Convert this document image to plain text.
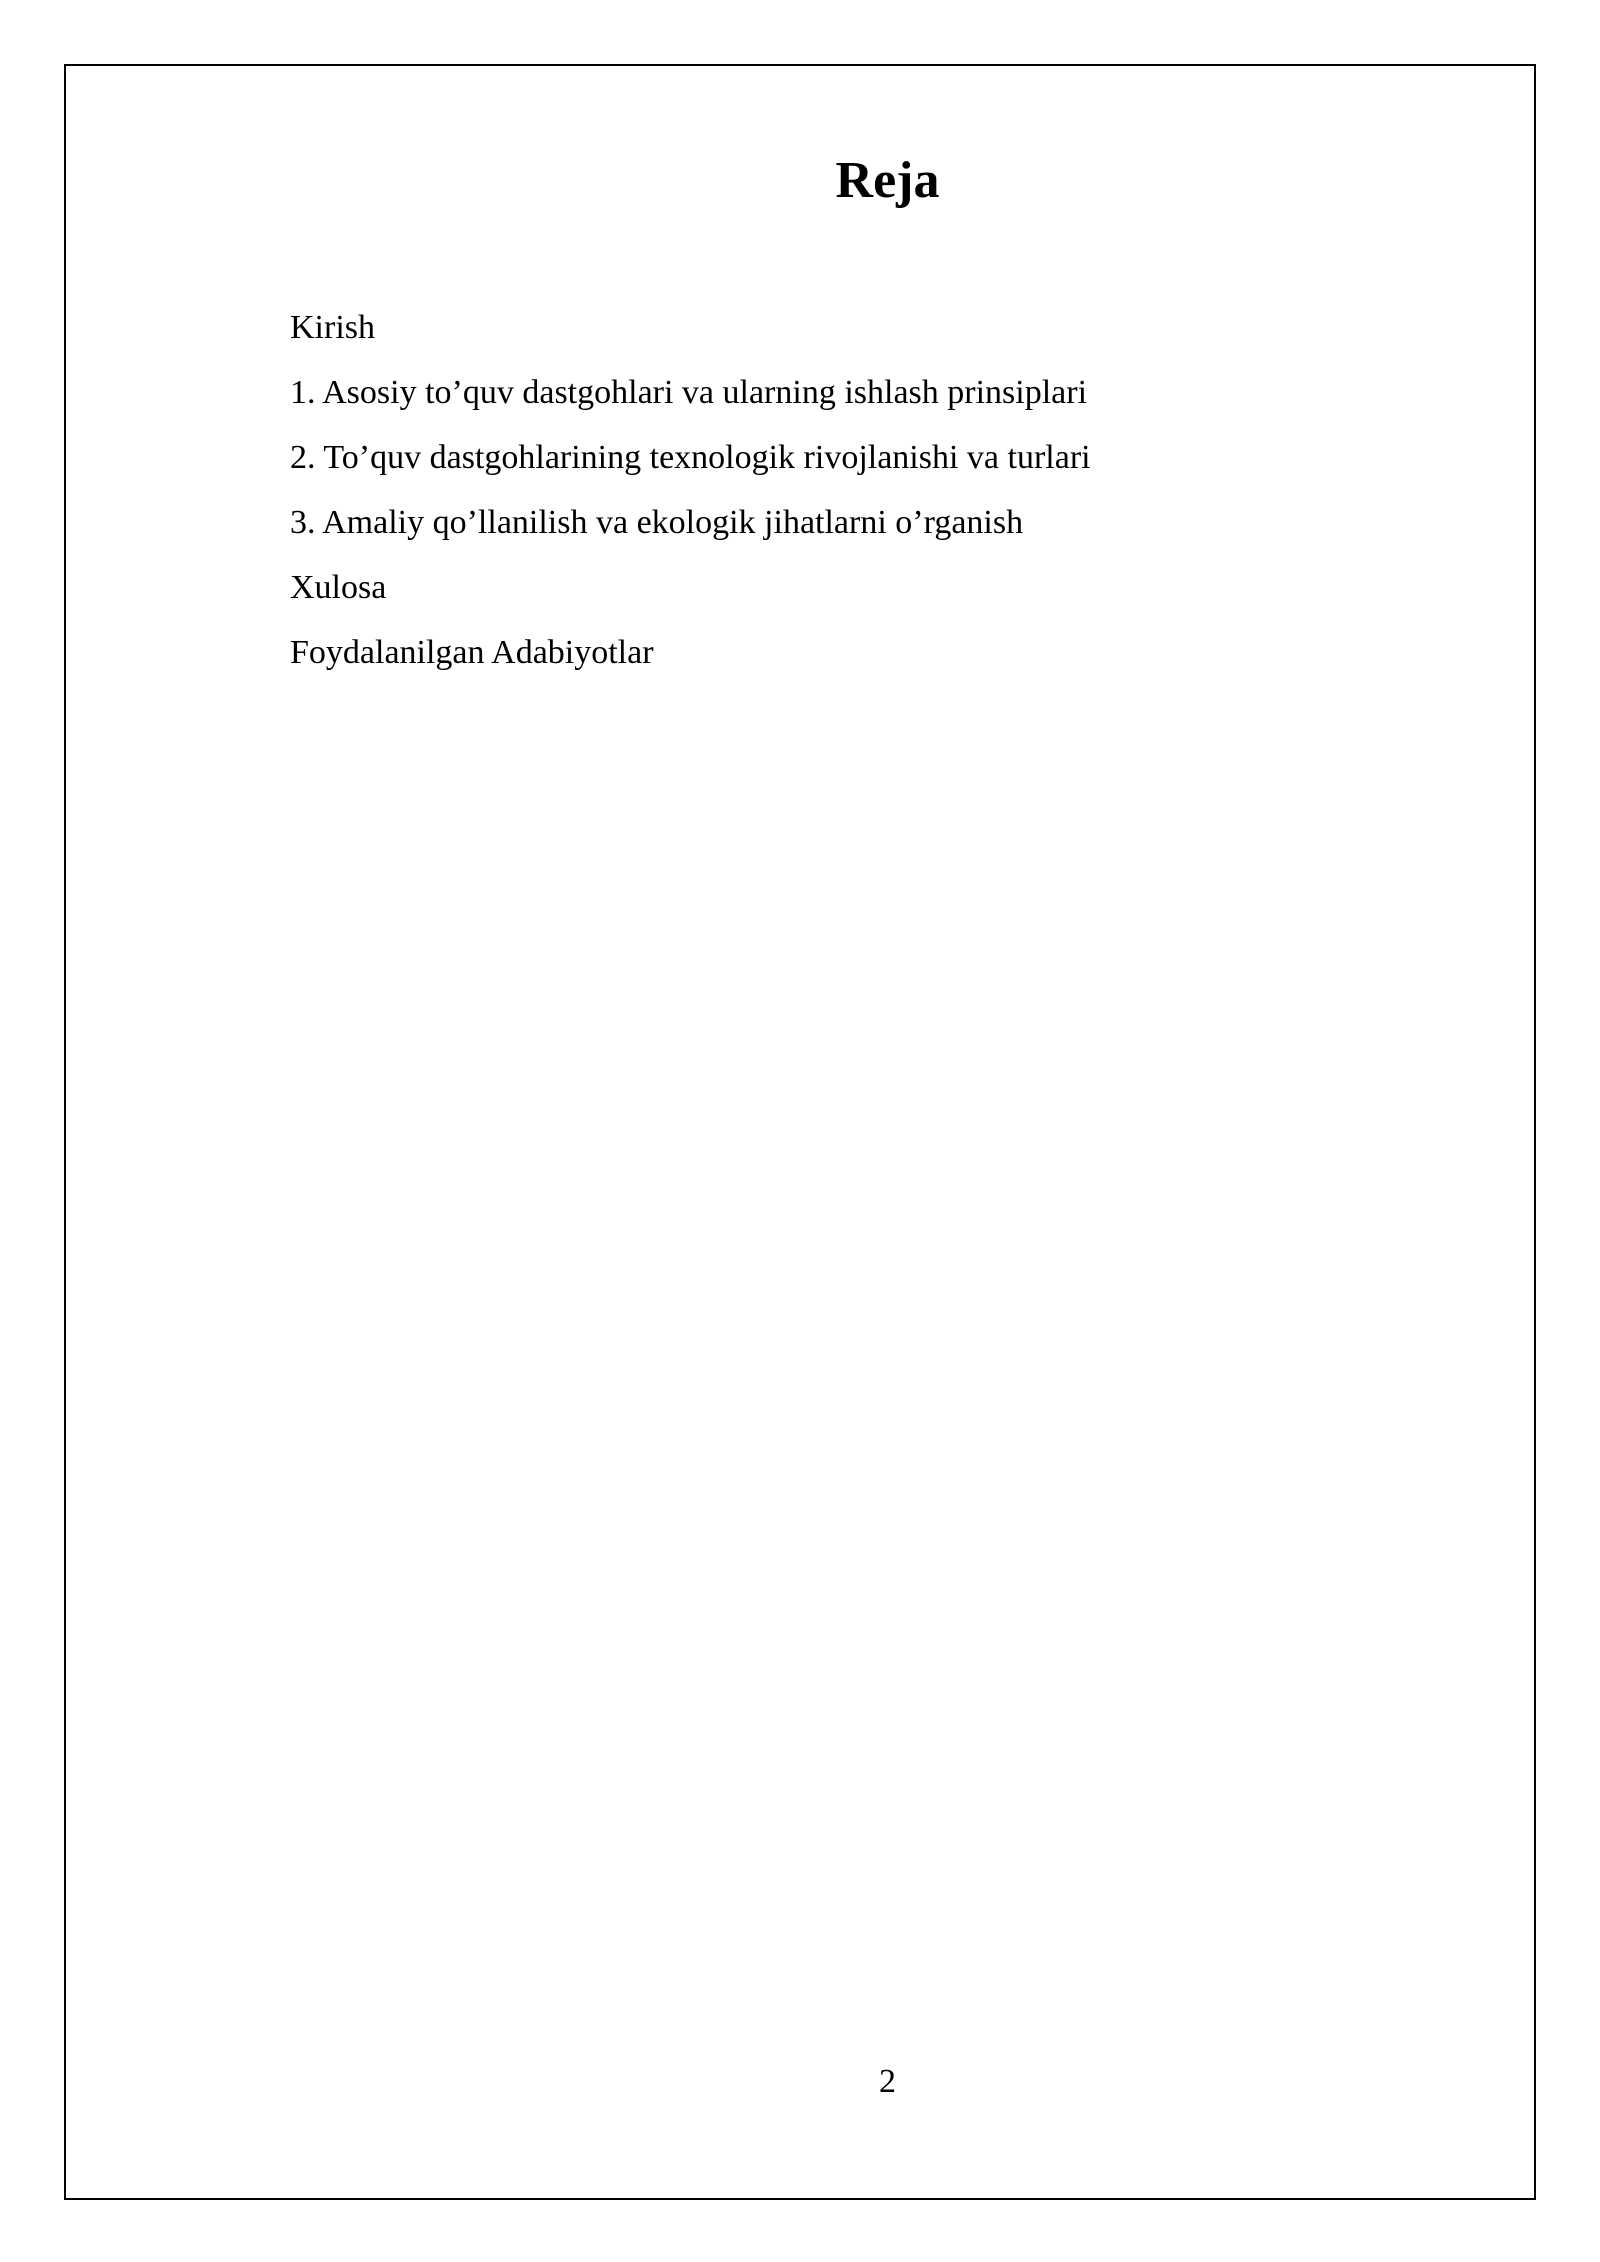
Reja
Kirish
1. Asosiy to’quv dastgohlari va ularning ishlash prinsiplari
2. To’quv dastgohlarining texnologik rivojlanishi va turlari
3. Amaliy qo’llanilish va ekologik jihatlarni o’rganish
Xulosa
Foydalanilgan Adabiyotlar
2
